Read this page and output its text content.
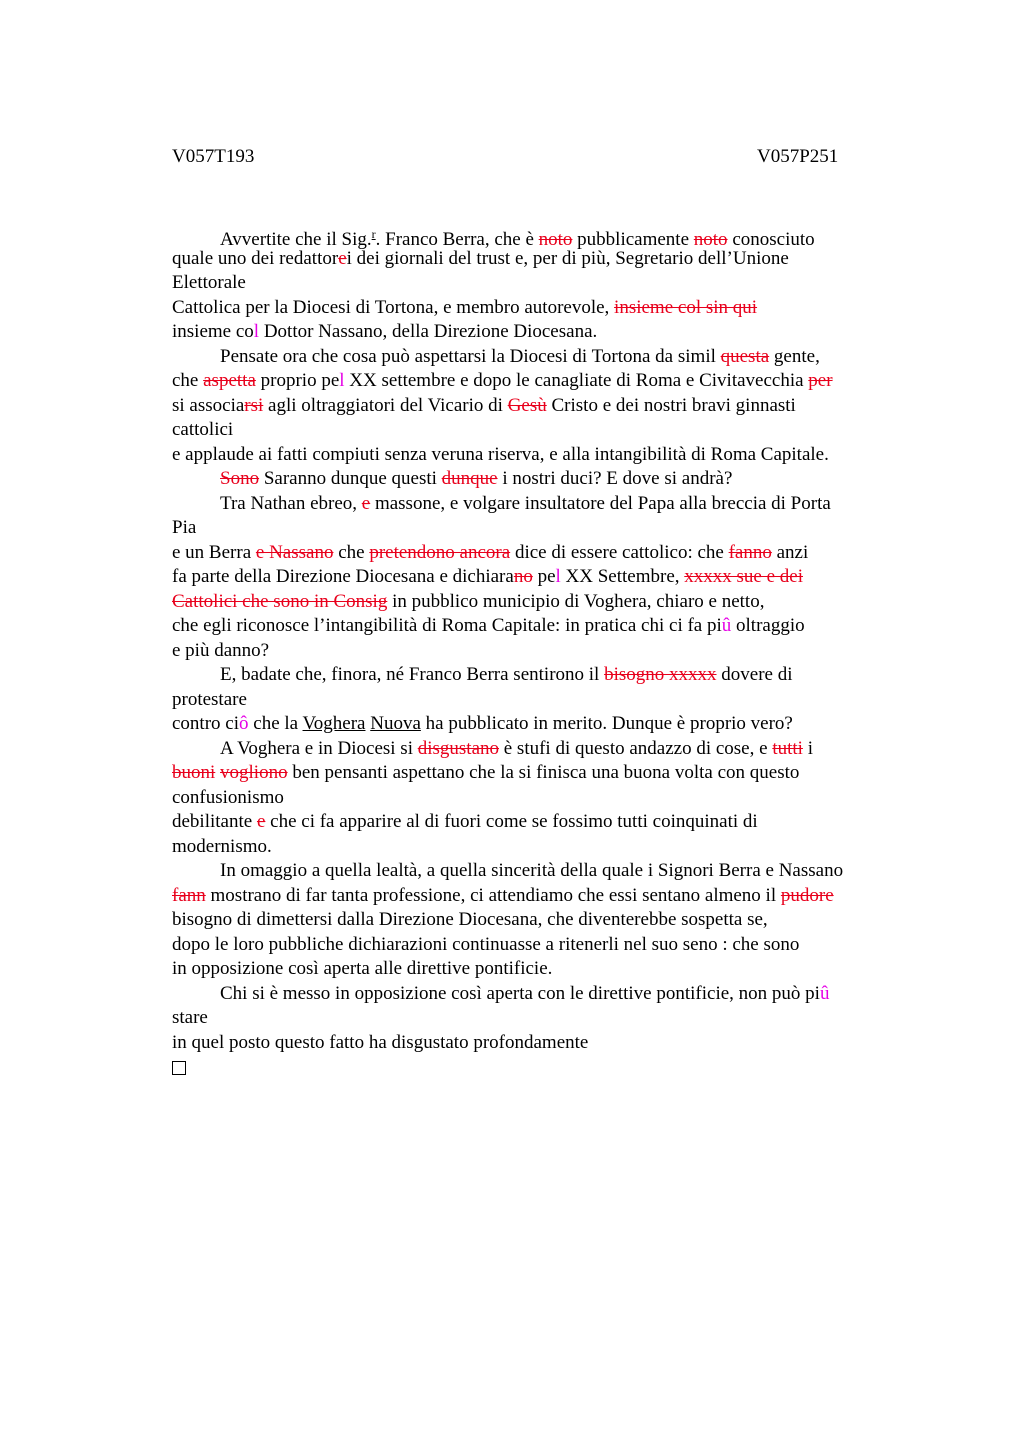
V057T193	V057P251
Avvertite che il Sig.$^r$. Franco Berra, che è noto pubblicamente noto conosciuto
quale uno dei redattorei dei giornali del trust e, per di più, Segretario dell’Unione
Elettorale
Cattolica per la Diocesi di Tortona, e membro autorevole, insieme col sin qui
insieme col Dottor Nassano, della Direzione Diocesana.
Pensate ora che cosa può aspettarsi la Diocesi di Tortona da simil questa gente,
che aspetta proprio pel XX settembre e dopo le canagliate di Roma e Civitavecchia per
si associarsi agli oltraggiatori del Vicario di Gesù Cristo e dei nostri bravi ginnasti
cattolici
e applaude ai fatti compiuti senza veruna riserva, e alla intangibilità di Roma Capitale.
Sono Saranno dunque questi dunque i nostri duci? E dove si andrà?
Tra Nathan ebreo, e massone, e volgare insultatore del Papa alla breccia di Porta
Pia
e un Berra e Nassano che pretendono ancora dice di essere cattolico: che fanno anzi
fa parte della Direzione Diocesana e dichiarano pel XX Settembre, xxxxx sue e dei
Cattolici che sono in Consig in pubblico municipio di Voghera, chiaro e netto,
che egli riconosce l’intangibilità di Roma Capitale: in pratica chi ci fa piû oltraggio
e più danno?
E, badate che, finora, né Franco Berra sentirono il bisogno xxxxx dovere di
protestare
contro ciô che la Voghera Nuova ha pubblicato in merito. Dunque è proprio vero?
A Voghera e in Diocesi si disgustano è stufi di questo andazzo di cose, e tutti i
buoni vogliono ben pensanti aspettano che la si finisca una buona volta con questo
confusionismo
debilitante e che ci fa apparire al di fuori come se fossimo tutti coinquinati di
modernismo.
In omaggio a quella lealtà, a quella sincerità della quale i Signori Berra e Nassano
fann mostrano di far tanta professione, ci attendiamo che essi sentano almeno il pudore
bisogno di dimettersi dalla Direzione Diocesana, che diventerebbe sospetta se,
dopo le loro pubbliche dichiarazioni continuasse a ritenerli nel suo seno : che sono
in opposizione così aperta alle direttive pontificie.
Chi si è messo in opposizione così aperta con le direttive pontificie, non può piû
stare
in quel posto questo fatto ha disgustato profondamente
